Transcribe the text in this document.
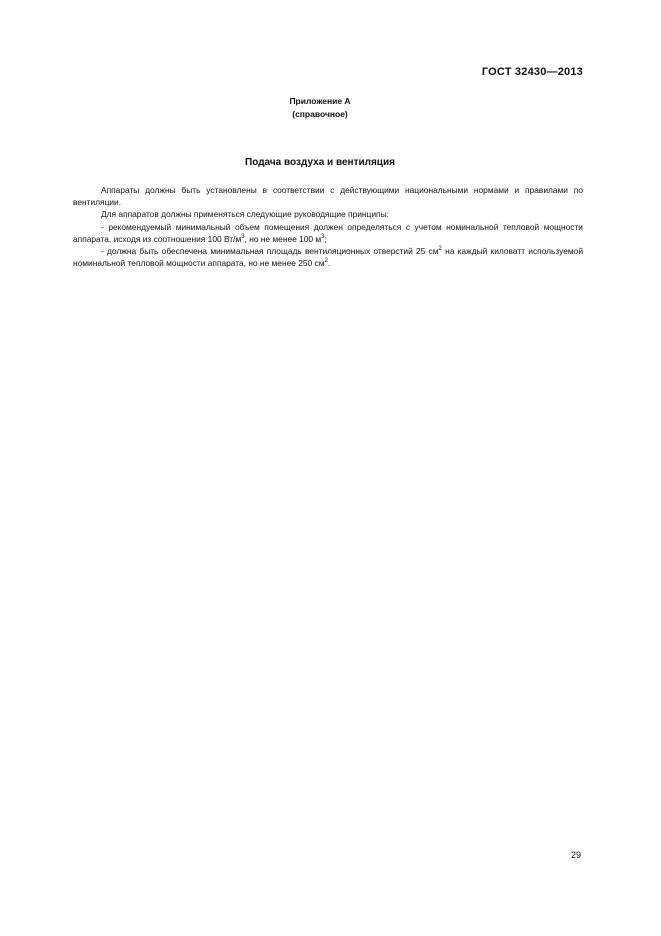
ГОСТ 32430—2013
Приложение А
(справочное)
Подача воздуха и вентиляция

Аппараты должны быть установлены в соответствии с действующими национальными нормами и правилами по вентиляции.

Для аппаратов должны применяться следующие руководящие принципы:

- рекомендуемый минимальный объем помещения должен определяться с учетом номинальной тепловой мощности аппарата, исходя из соотношения 100 $Вт/м^3$, но не менее 100 $м^3$;

- должна быть обеспечена минимальная площадь вентиляционных отверстий 25 $см^2$ на каждый киловатт используемой номинальной тепловой мощности аппарата, но не менее 250 $см^2$.

29
